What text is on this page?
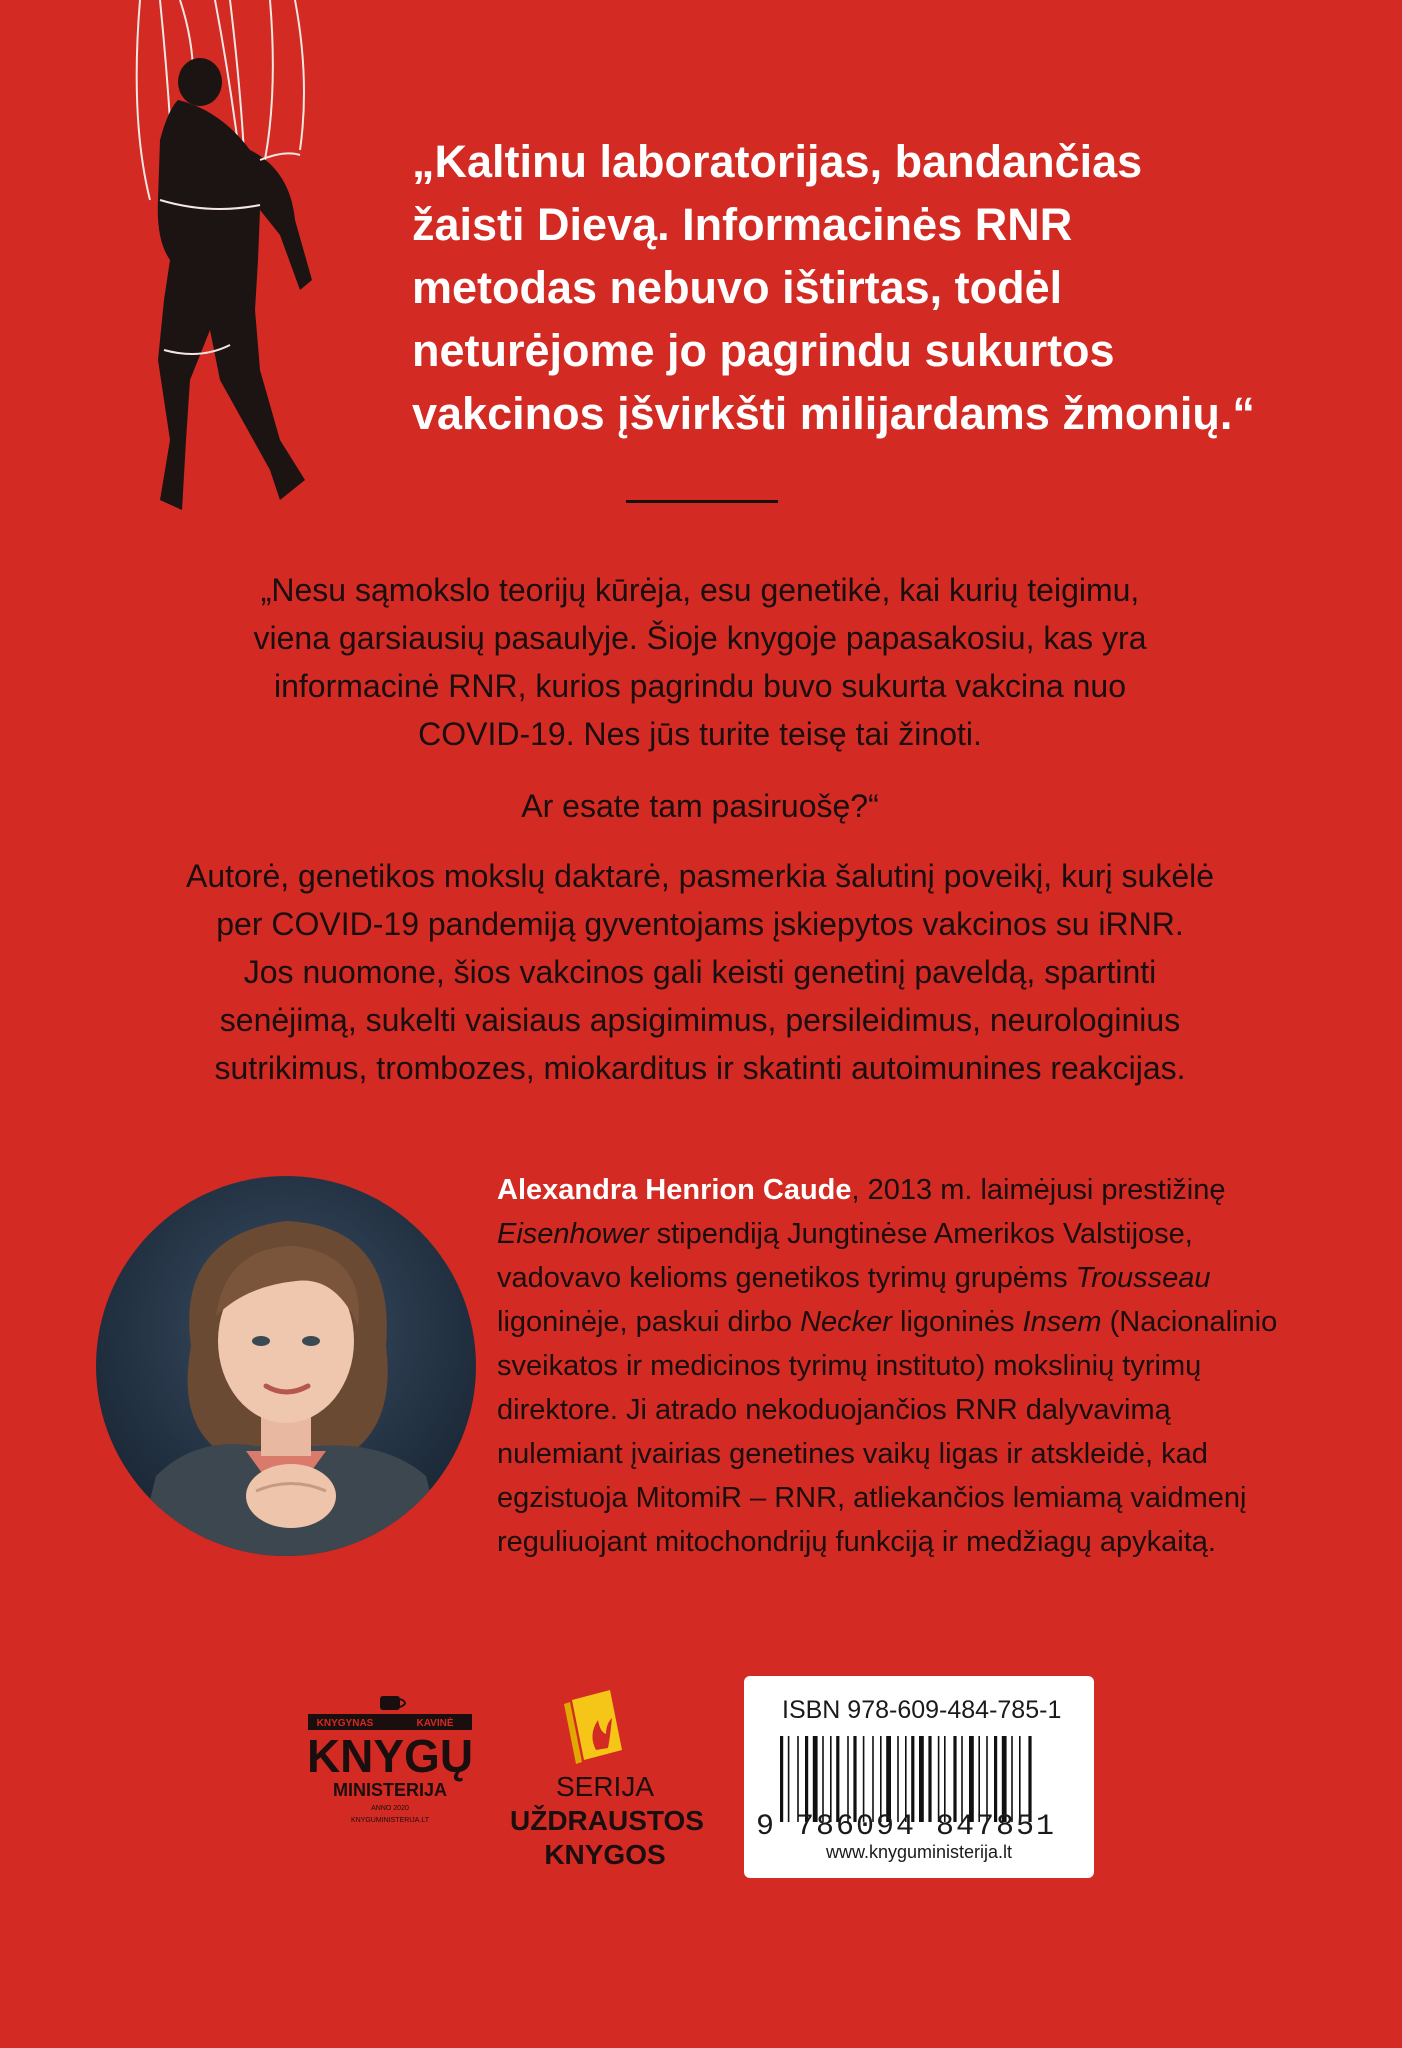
„Kaltinu laboratorijas, bandančias
žaisti Dievą. Informacinės RNR
metodas nebuvo ištirtas, todėl
neturėjome jo pagrindu sukurtos
vakcinos įšvirkšti milijardams žmonių.“
„Nesu sąmokslo teorijų kūrėja, esu genetikė, kai kurių teigimu,
viena garsiausių pasaulyje. Šioje knygoje papasakosiu, kas yra
informacinė RNR, kurios pagrindu buvo sukurta vakcina nuo
COVID-19. Nes jūs turite teisę tai žinoti.
Ar esate tam pasiruošę?“
Autorė, genetikos mokslų daktarė, pasmerkia šalutinį poveikį, kurį sukėlė
per COVID-19 pandemiją gyventojams įskiepytos vakcinos su iRNR.
Jos nuomone, šios vakcinos gali keisti genetinį paveldą, spartinti
senėjimą, sukelti vaisiaus apsigimimus, persileidimus, neurologinius
sutrikimus, trombozes, miokarditus ir skatinti autoimunines reakcijas.
Alexandra Henrion Caude, 2013 m. laimėjusi prestižinę
Eisenhower stipendiją Jungtinėse Amerikos Valstijose,
vadovavo kelioms genetikos tyrimų grupėms Trousseau
ligoninėje, paskui dirbo Necker ligoninės Insem (Nacionalinio
sveikatos ir medicinos tyrimų instituto) mokslinių tyrimų
direktore. Ji atrado nekoduojančios RNR dalyvavimą
nulemiant įvairias genetines vaikų ligas ir atskleidė, kad
egzistuoja MitomiR – RNR, atliekančios lemiamą vaidmenį
reguliuojant mitochondrijų funkciją ir medžiagų apykaitą.
KNYGYNAS	KAVINĖ
KNYGŲ
MINISTERIJA
ANNO 2020
KNYGUMINISTERIJA.LT
SERIJA
UŽDRAUSTOS
KNYGOS
ISBN 978-609-484-785-1
9 786094 847851
www.knyguministerija.lt
